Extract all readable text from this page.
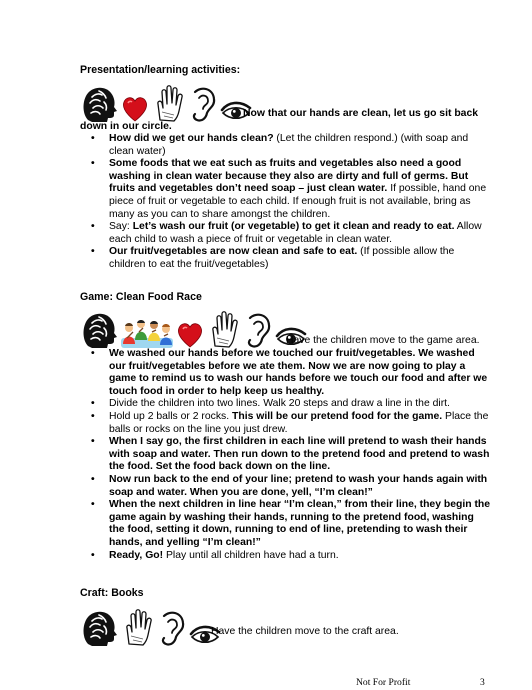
Presentation/learning activities:
Now that our hands are clean, let us go sit back
down in our circle.
• How did we get our hands clean? (Let the children respond.) (with soap and clean water)
• Some foods that we eat such as fruits and vegetables also need a good washing in clean water because they also are dirty and full of germs. But fruits and vegetables don’t need soap – just clean water. If possible, hand one piece of fruit or vegetable to each child. If enough fruit is not available, bring as many as you can to share amongst the children.
• Say: Let’s wash our fruit (or vegetable) to get it clean and ready to eat. Allow each child to wash a piece of fruit or vegetable in clean water.
• Our fruit/vegetables are now clean and safe to eat. (If possible allow the children to eat the fruit/vegetables)
Game: Clean Food Race
Have the children move to the game area.
• We washed our hands before we touched our fruit/vegetables. We washed our fruit/vegetables before we ate them. Now we are now going to play a game to remind us to wash our hands before we touch our food and after we touch food in order to help keep us healthy.
• Divide the children into two lines. Walk 20 steps and draw a line in the dirt.
• Hold up 2 balls or 2 rocks. This will be our pretend food for the game. Place the balls or rocks on the line you just drew.
• When I say go, the first children in each line will pretend to wash their hands with soap and water. Then run down to the pretend food and pretend to wash the food. Set the food back down on the line.
• Now run back to the end of your line; pretend to wash your hands again with soap and water. When you are done, yell, “I’m clean!”
• When the next children in line hear “I’m clean,” from their line, they begin the game again by washing their hands, running to the pretend food, washing the food, setting it down, running to end of line, pretending to wash their hands, and yelling “I’m clean!”
• Ready, Go! Play until all children have had a turn.
Craft: Books
Have the children move to the craft area.
Not For Profit	3
